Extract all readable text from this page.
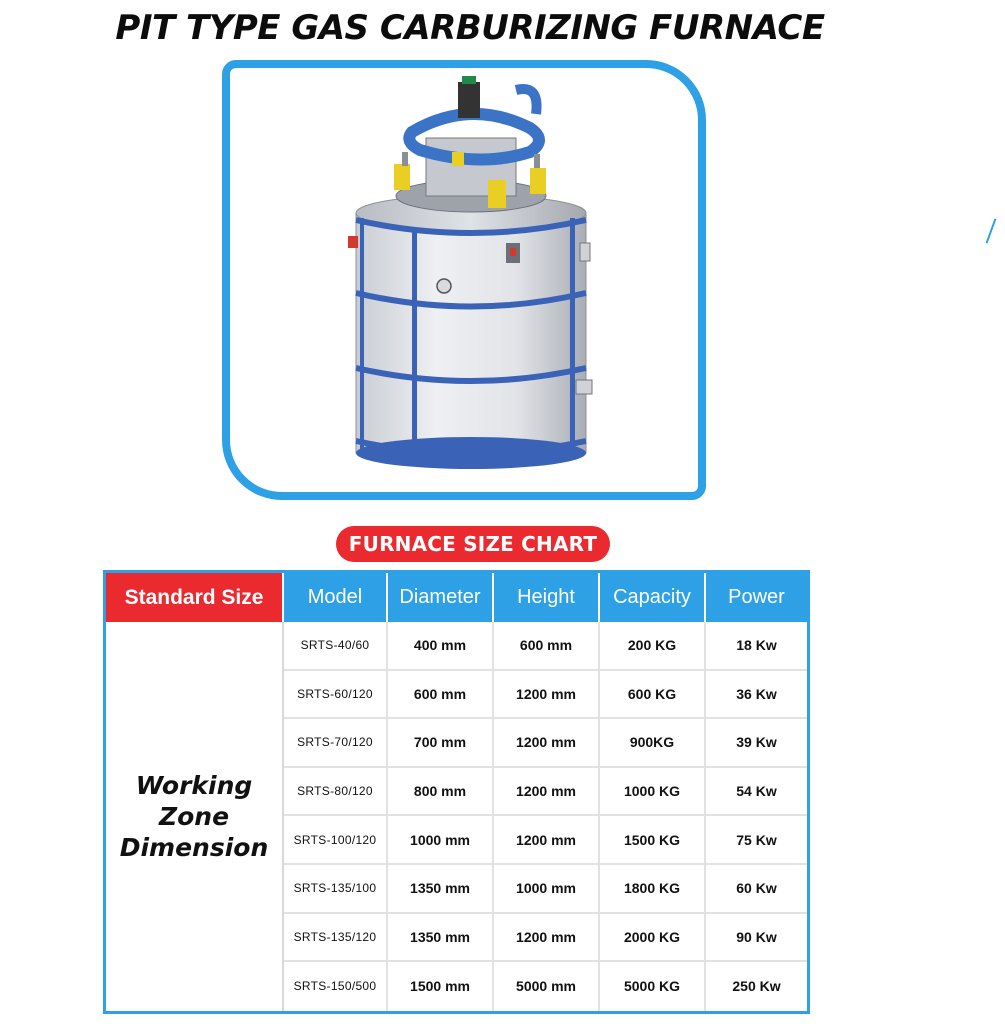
PIT TYPE GAS CARBURIZING FURNACE
FURNACE SIZE CHART
Standard Size	Model	Diameter	Height	Capacity	Power
Working
Zone
Dimension
SRTS-40/60	400 mm	600 mm	200 KG	18 Kw
SRTS-60/120	600 mm	1200 mm	600 KG	36 Kw
SRTS-70/120	700 mm	1200 mm	900KG	39 Kw
SRTS-80/120	800 mm	1200 mm	1000 KG	54 Kw
SRTS-100/120	1000 mm	1200 mm	1500 KG	75 Kw
SRTS-135/100	1350 mm	1000 mm	1800 KG	60 Kw
SRTS-135/120	1350 mm	1200 mm	2000 KG	90 Kw
SRTS-150/500	1500 mm	5000 mm	5000 KG	250 Kw
